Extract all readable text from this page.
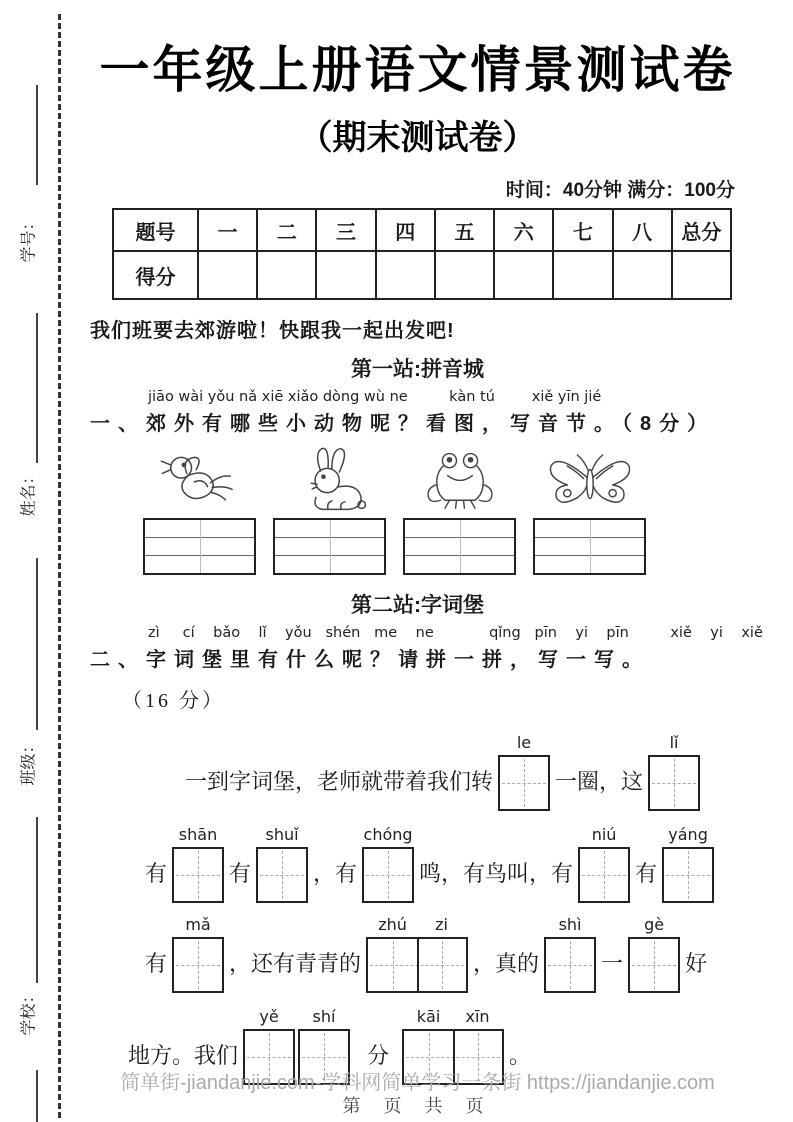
学号：
姓名：
班级：
学校：
一年级上册语文情景测试卷
（期末测试卷）
时间：40分钟 满分：100分
题号	一	二	三	四	五	六	七	八	总分
得分									
我们班要去郊游啦！快跟我一起出发吧!
第一站:拼音城
jiāo wài yǒu nǎ xiē xiǎo dòng wù ne         kàn tú        xiě yīn jié
一、郊外有哪些小动物呢？看图，写音节。（8分）
第二站:字词堡
zì     cí    bǎo    lǐ    yǒu   shén   me    ne            qǐng   pīn    yi    pīn         xiě    yi    xiě
二、字词堡里有什么呢？请拼一拼，写一写。
（16 分）
一到字词堡，老师就带着我们转
le
一圈，这
lǐ
有
shān
有
shuǐ
，有
chóng
鸣，有鸟叫，有
niú
有
yáng
有
mǎ
，还有青青的
zhú	zi
，真的
shì
一
gè
好
地方。我们
yě shí
分
kāi	xīn
。
简单街-jiandanjie.com-学科网简单学习一条街 https://jiandanjie.com
第 页 共 页
